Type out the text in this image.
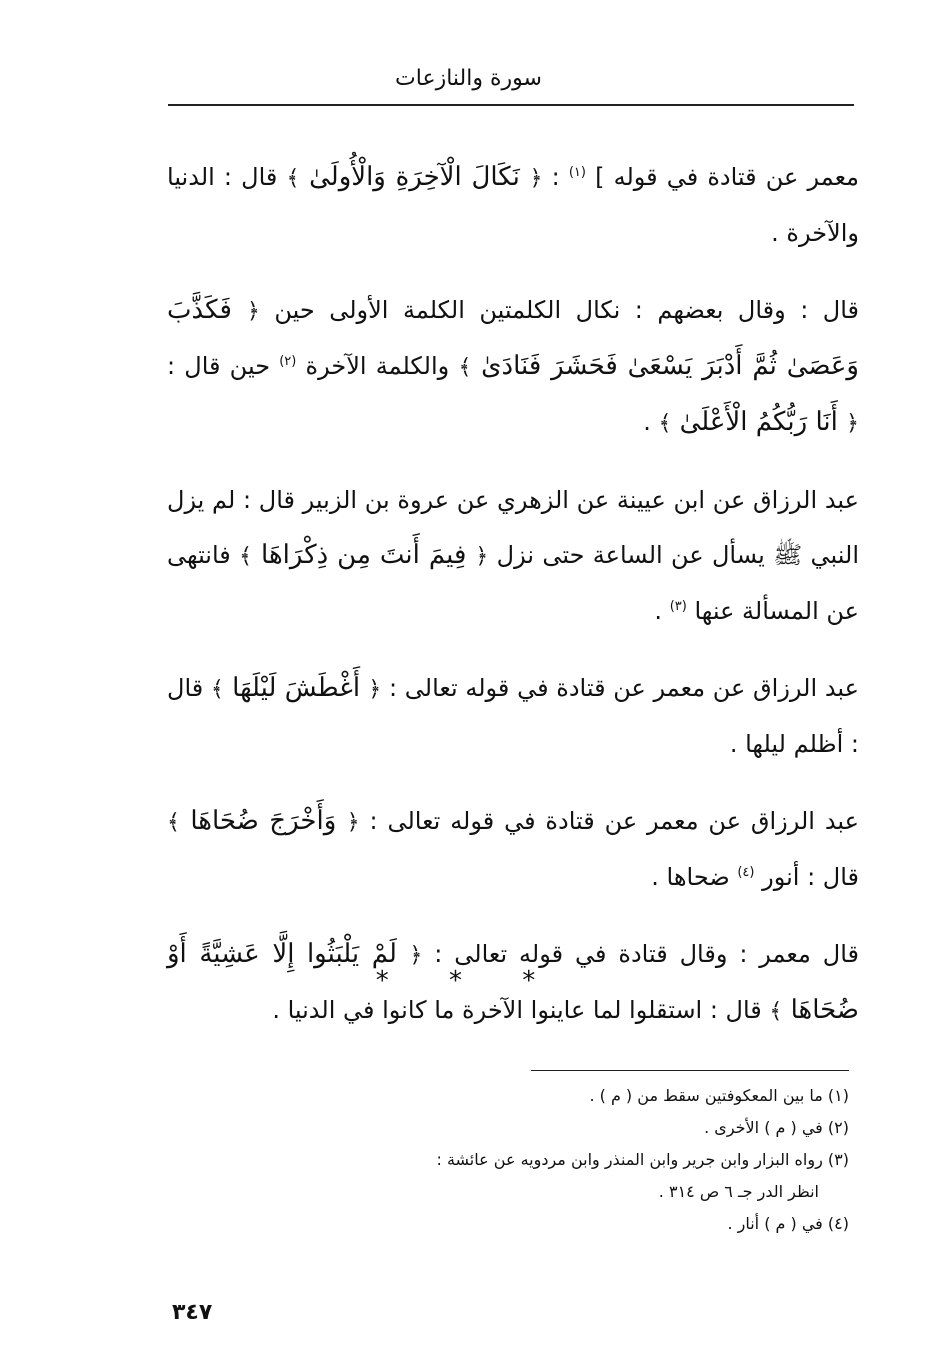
سورة والنازعات

معمر عن قتادة في قوله ] $^{(١)}$ : ﴿ نَكَالَ الْآخِرَةِ وَالْأُولَىٰ ﴾ قال : الدنيا والآخرة .

قال : وقال بعضهم : نكال الكلمتين الكلمة الأولى حين ﴿ فَكَذَّبَ وَعَصَىٰ ثُمَّ أَدْبَرَ يَسْعَىٰ فَحَشَرَ فَنَادَىٰ ﴾ والكلمة الآخرة $^{(٢)}$ حين قال : ﴿ أَنَا رَبُّكُمُ الْأَعْلَىٰ ﴾ .

عبد الرزاق عن ابن عيينة عن الزهري عن عروة بن الزبير قال : لم يزل النبي ﷺ يسأل عن الساعة حتى نزل ﴿ فِيمَ أَنتَ مِن ذِكْرَاهَا ﴾ فانتهى عن المسألة عنها $^{(٣)}$ .

عبد الرزاق عن معمر عن قتادة في قوله تعالى : ﴿ أَغْطَشَ لَيْلَهَا ﴾ قال : أظلم ليلها .

عبد الرزاق عن معمر عن قتادة في قوله تعالى : ﴿ وَأَخْرَجَ ضُحَاهَا ﴾ قال : أنور $^{(٤)}$ ضحاها .

قال معمر : وقال قتادة في قوله تعالى : ﴿ لَمْ يَلْبَثُوا إِلَّا عَشِيَّةً أَوْ ضُحَاهَا ﴾ قال : استقلوا لما عاينوا الآخرة ما كانوا في الدنيا .

* * *

(١) ما بين المعكوفتين سقط من ( م ) .

(٢) في ( م ) الأخرى .

(٣) رواه البزار وابن جرير وابن المنذر وابن مردويه عن عائشة :

انظر الدر جـ ٦ ص ٣١٤ .

(٤) في ( م ) أنار .

٣٤٧
